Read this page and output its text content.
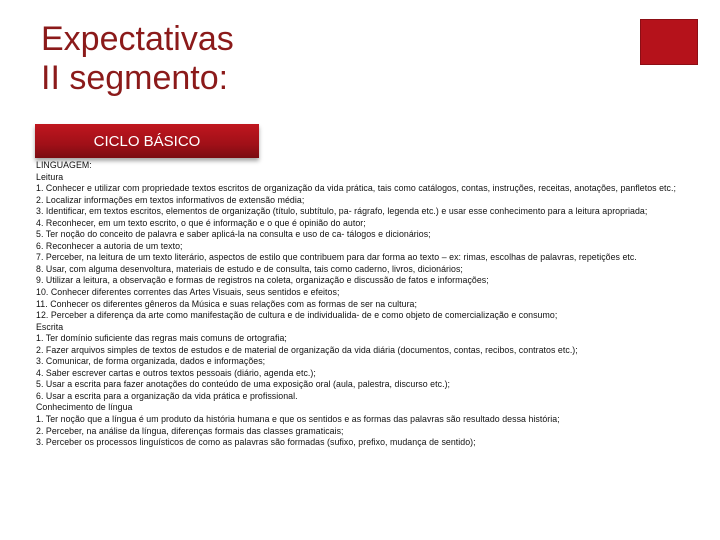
Expectativas
II segmento:
CICLO BÁSICO
LINGUAGEM:
Leitura
1. Conhecer e utilizar com propriedade textos escritos de organização da vida prática, tais como catálogos, contas, instruções, receitas, anotações, panfletos etc.;
2. Localizar informações em textos informativos de extensão média;
3. Identificar, em textos escritos, elementos de organização (título, subtítulo, pa- rágrafo, legenda etc.) e usar esse conhecimento para a leitura apropriada;
4. Reconhecer, em um texto escrito, o que é informação e o que é opinião do autor;
5. Ter noção do conceito de palavra e saber aplicá-la na consulta e uso de ca- tálogos e dicionários;
6. Reconhecer a autoria de um texto;
7. Perceber, na leitura de um texto literário, aspectos de estilo que contribuem para dar forma ao texto – ex: rimas, escolhas de palavras, repetições etc.
8. Usar, com alguma desenvoltura, materiais de estudo e de consulta, tais como caderno, livros, dicionários;
9. Utilizar a leitura, a observação e formas de registros na coleta, organização e discussão de fatos e informações;
10. Conhecer diferentes correntes das Artes Visuais, seus sentidos e efeitos;
11. Conhecer os diferentes gêneros da Música e suas relações com as formas de ser na cultura;
12. Perceber a diferença da arte como manifestação de cultura e de individualida- de e como objeto de comercialização e consumo;
Escrita
1. Ter domínio suficiente das regras mais comuns de ortografia;
2. Fazer arquivos simples de textos de estudos e de material de organização da vida diária (documentos, contas, recibos, contratos etc.);
3. Comunicar, de forma organizada, dados e informações;
4. Saber escrever cartas e outros textos pessoais (diário, agenda etc.);
5. Usar a escrita para fazer anotações do conteúdo de uma exposição oral (aula, palestra, discurso etc.);
6. Usar a escrita para a organização da vida prática e profissional.
Conhecimento de língua
1. Ter noção que a língua é um produto da história humana e que os sentidos e as formas das palavras são resultado dessa história;
2. Perceber, na análise da língua, diferenças formais das classes gramaticais;
3. Perceber os processos linguísticos de como as palavras são formadas (sufixo, prefixo, mudança de sentido);
